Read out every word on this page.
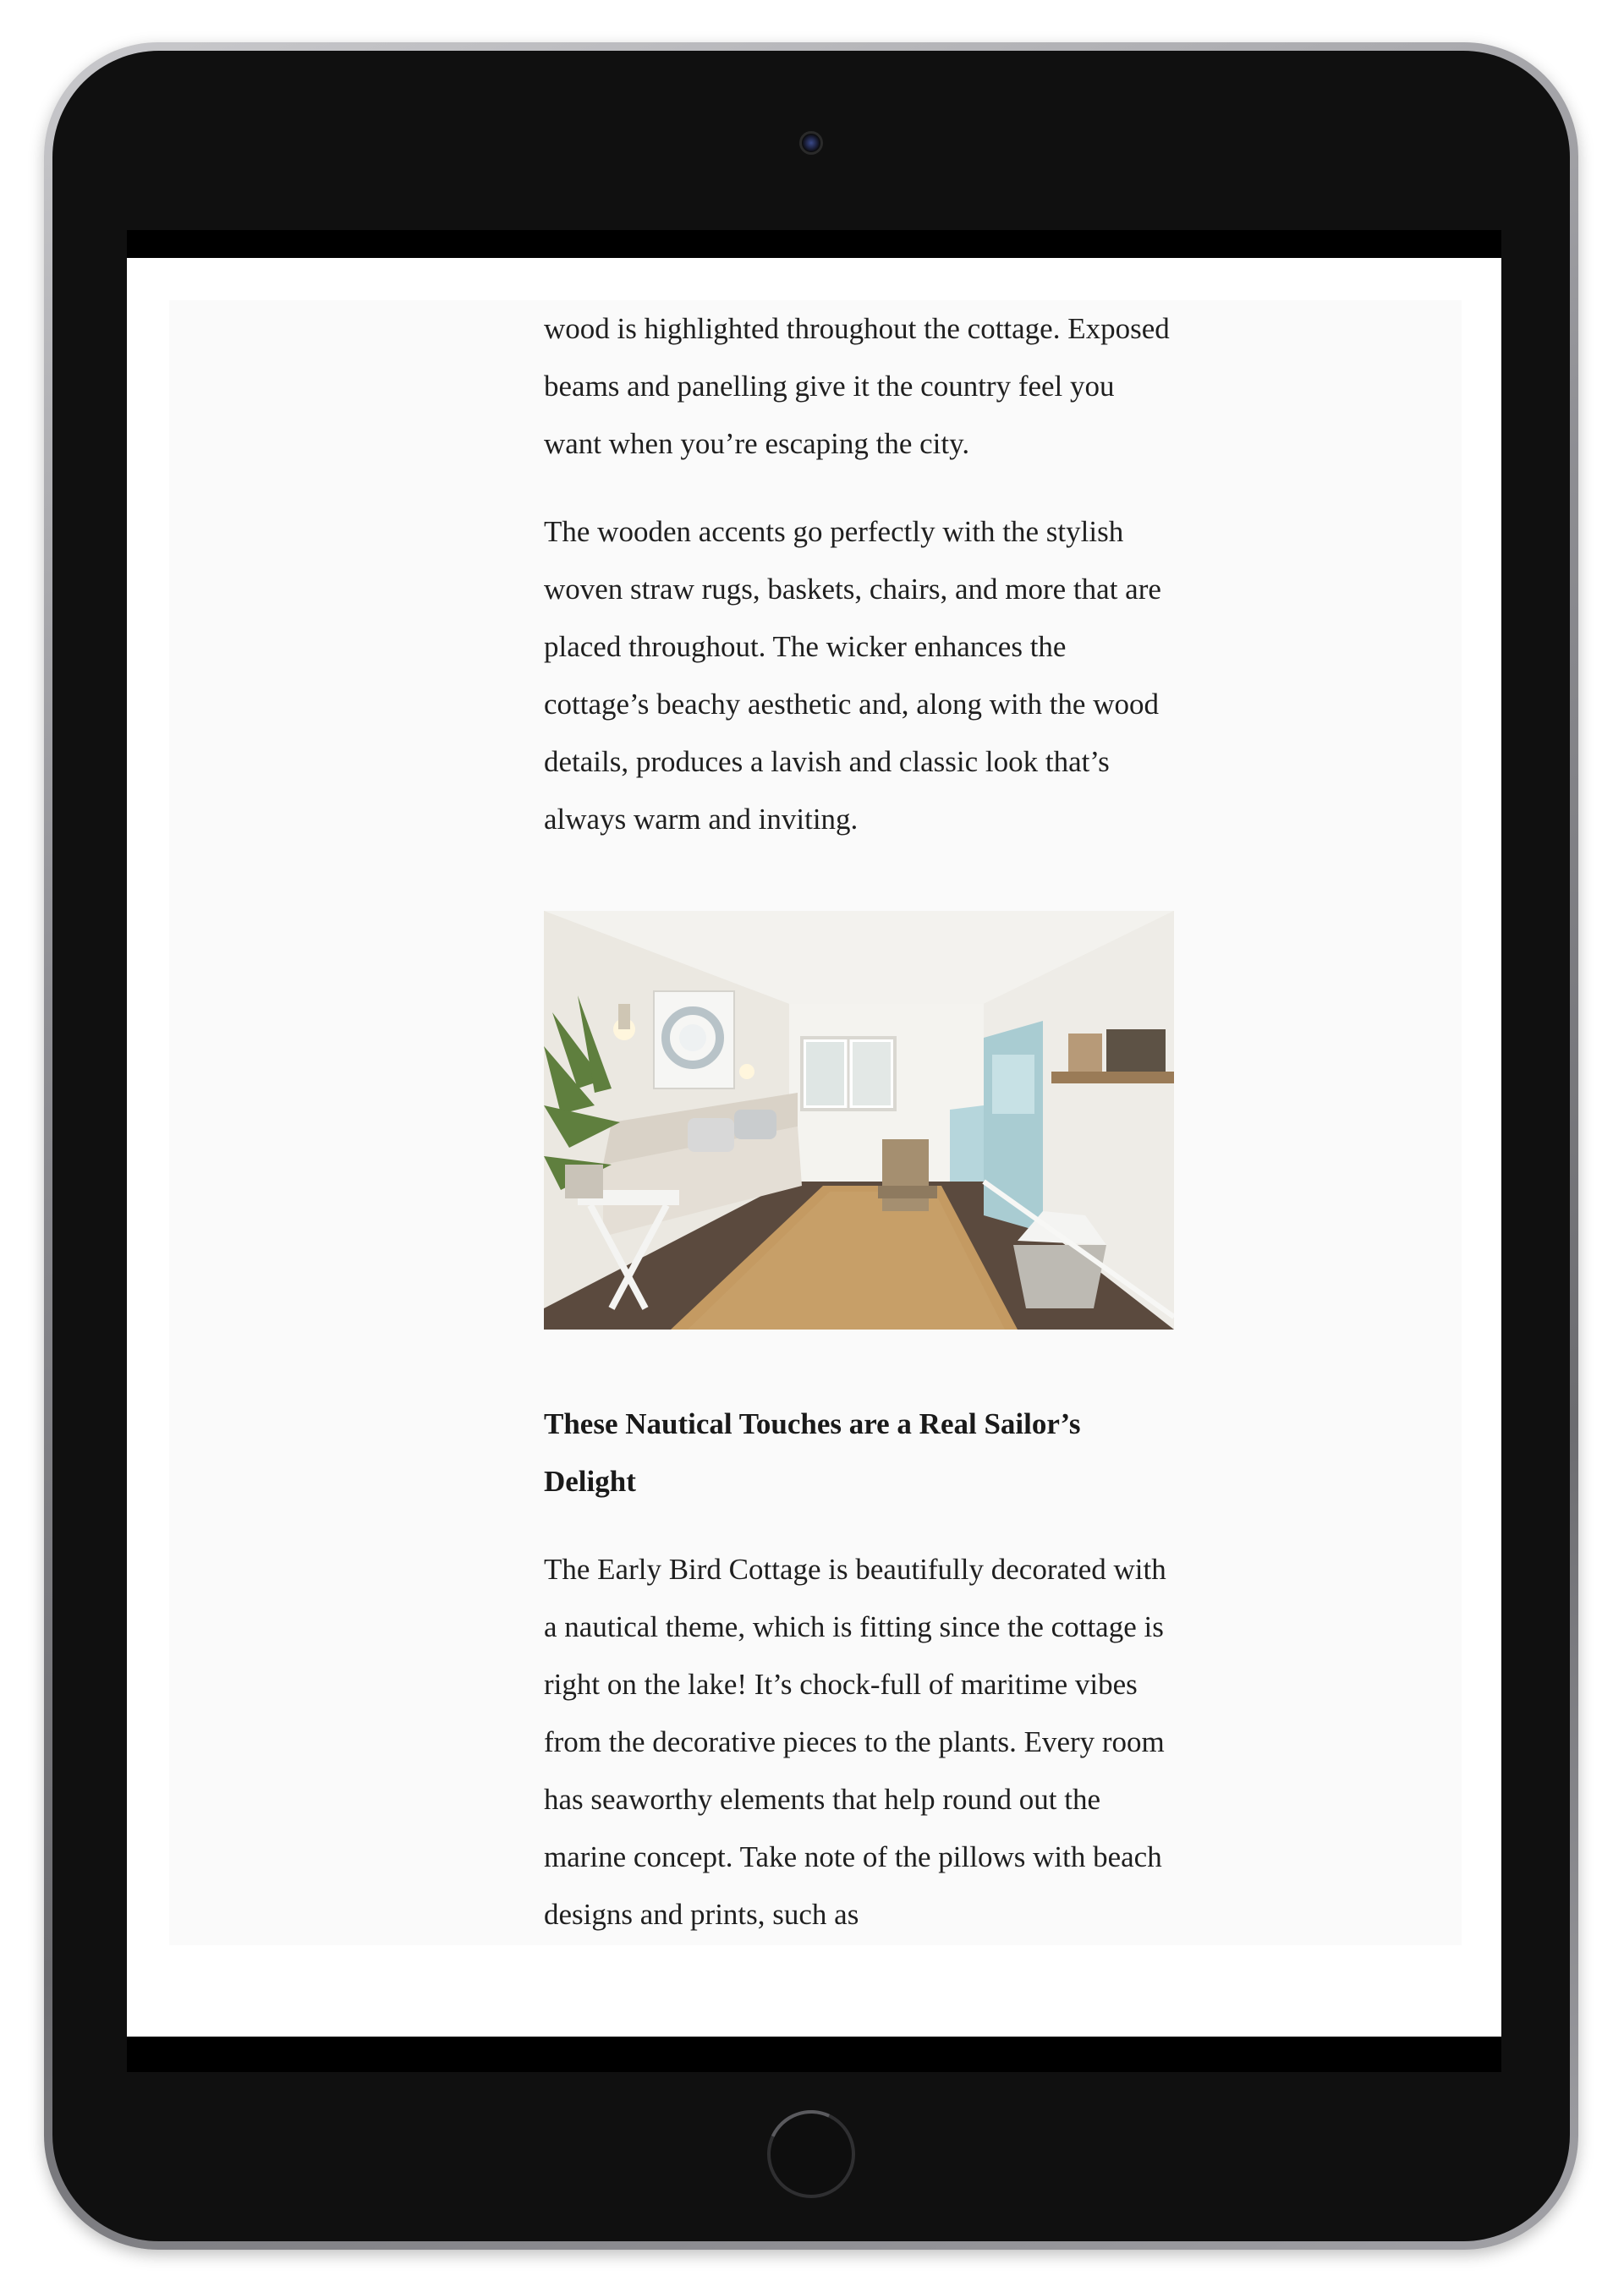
wood is highlighted throughout the cottage. Exposed beams and panelling give it the country feel you want when you’re escaping the city.

The wooden accents go perfectly with the stylish woven straw rugs, baskets, chairs, and more that are placed throughout. The wicker enhances the cottage’s beachy aesthetic and, along with the wood details, produces a lavish and classic look that’s always warm and inviting.

These Nautical Touches are a Real Sailor’s Delight

The Early Bird Cottage is beautifully decorated with a nautical theme, which is fitting since the cottage is right on the lake! It’s chock-full of maritime vibes from the decorative pieces to the plants. Every room has seaworthy elements that help round out the marine concept. Take note of the pillows with beach designs and prints, such as
